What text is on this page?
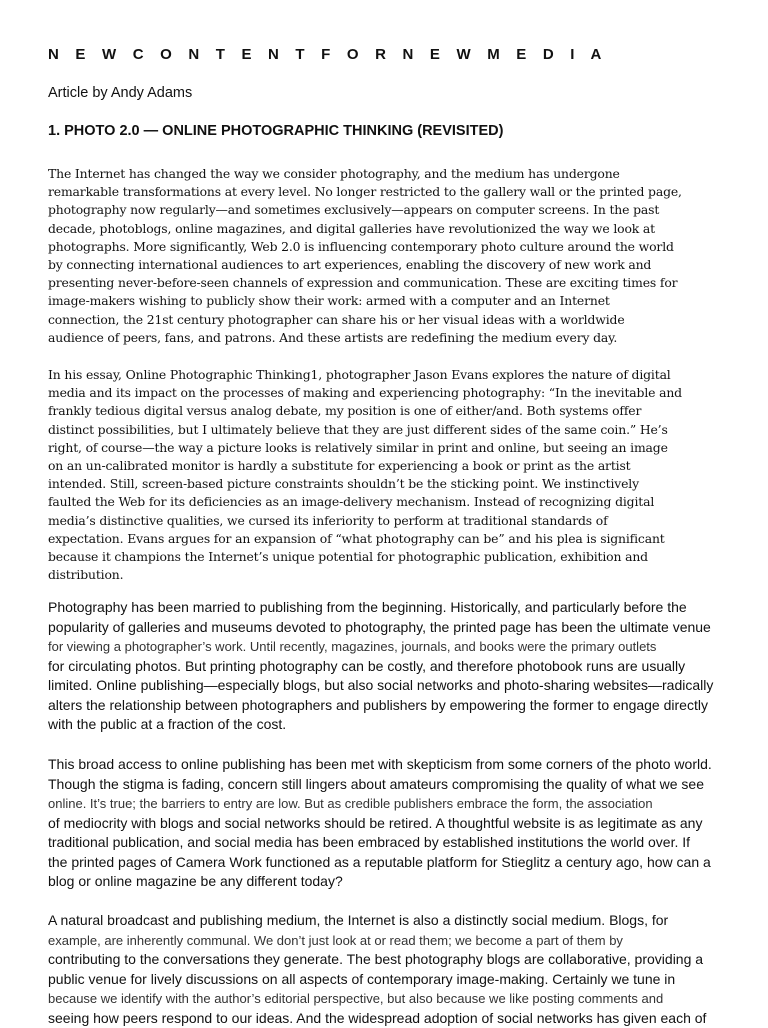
N E W C O N T E N T F O R N E W M E D I A

Article by Andy Adams

1. PHOTO 2.0 — ONLINE PHOTOGRAPHIC THINKING (REVISITED)

The Internet has changed the way we consider photography, and the medium has undergone
remarkable transformations at every level. No longer restricted to the gallery wall or the printed page,
photography now regularly—and sometimes exclusively—appears on computer screens. In the past
decade, photoblogs, online magazines, and digital galleries have revolutionized the way we look at
photographs. More significantly, Web 2.0 is influencing contemporary photo culture around the world
by connecting international audiences to art experiences, enabling the discovery of new work and
presenting never-before-seen channels of expression and communication. These are exciting times for
image-makers wishing to publicly show their work: armed with a computer and an Internet
connection, the 21st century photographer can share his or her visual ideas with a worldwide
audience of peers, fans, and patrons. And these artists are redefining the medium every day.

In his essay, Online Photographic Thinking1, photographer Jason Evans explores the nature of digital
media and its impact on the processes of making and experiencing photography: “In the inevitable and
frankly tedious digital versus analog debate, my position is one of either/and. Both systems offer
distinct possibilities, but I ultimately believe that they are just different sides of the same coin.” He’s
right, of course—the way a picture looks is relatively similar in print and online, but seeing an image
on an un-calibrated monitor is hardly a substitute for experiencing a book or print as the artist
intended. Still, screen-based picture constraints shouldn’t be the sticking point. We instinctively
faulted the Web for its deficiencies as an image-delivery mechanism. Instead of recognizing digital
media’s distinctive qualities, we cursed its inferiority to perform at traditional standards of
expectation. Evans argues for an expansion of “what photography can be” and his plea is significant
because it champions the Internet’s unique potential for photographic publication, exhibition and
distribution.

Photography has been married to publishing from the beginning. Historically, and particularly before the
popularity of galleries and museums devoted to photography, the printed page has been the ultimate venue
for viewing a photographer’s work. Until recently, magazines, journals, and books were the primary outlets
for circulating photos. But printing photography can be costly, and therefore photobook runs are usually
limited. Online publishing—especially blogs, but also social networks and photo-sharing websites—radically
alters the relationship between photographers and publishers by empowering the former to engage directly
with the public at a fraction of the cost.

This broad access to online publishing has been met with skepticism from some corners of the photo world.
Though the stigma is fading, concern still lingers about amateurs compromising the quality of what we see
online. It’s true; the barriers to entry are low. But as credible publishers embrace the form, the association
of mediocrity with blogs and social networks should be retired. A thoughtful website is as legitimate as any
traditional publication, and social media has been embraced by established institutions the world over. If
the printed pages of Camera Work functioned as a reputable platform for Stieglitz a century ago, how can a
blog or online magazine be any different today?

A natural broadcast and publishing medium, the Internet is also a distinctly social medium. Blogs, for
example, are inherently communal. We don’t just look at or read them; we become a part of them by
contributing to the conversations they generate. The best photography blogs are collaborative, providing a
public venue for lively discussions on all aspects of contemporary image-making. Certainly we tune in
because we identify with the author’s editorial perspective, but also because we like posting comments and
seeing how peers respond to our ideas. And the widespread adoption of social networks has given each of
